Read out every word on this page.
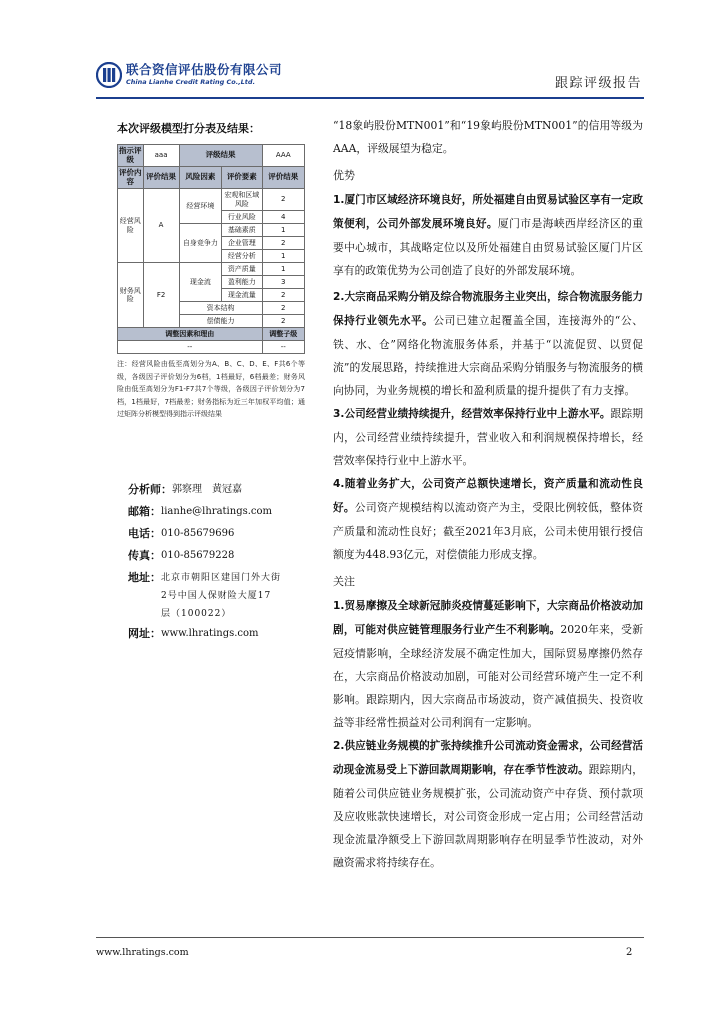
联合资信评估股份有限公司
China Lianhe Credit Rating Co.,Ltd.	跟踪评级报告
本次评级模型打分表及结果：
指示评级	aaa	评级结果		AAA
评价内容	评价结果	风险因素	评价要素	评价结果
经营风险	A	经营环境	宏观和区域风险	2
			行业风险	4
		自身竞争力	基础素质	1
			企业管理	2
			经营分析	1
财务风险	F2	现金流	资产质量	1
			盈利能力	3
			现金流量	2
		资本结构		2
		偿债能力		2
调整因素和理由				调整子级
--				--
注：经营风险由低至高划分为A、B、C、D、E、F共6个等级，各级因子评价划分为6档，1档最好，6档最差；财务风险由低至高划分为F1-F7共7个等级，各级因子评价划分为7档，1档最好，7档最差；财务指标为近三年加权平均值；通过矩阵分析模型得到指示评级结果
分析师： 郭察理　黄冠嘉
邮箱： lianhe@lhratings.com
电话： 010-85679696
传真： 010-85679228
地址： 北京市朝阳区建国门外大街2号中国人保财险大厦17层（100022）
网址： www.lhratings.com

“18象屿股份MTN001”和“19象屿股份MTN001”的信用等级为AAA，评级展望为稳定。

优势

1.厦门市区域经济环境良好，所处福建自由贸易试验区享有一定政策便利，公司外部发展环境良好。厦门市是海峡西岸经济区的重要中心城市，其战略定位以及所处福建自由贸易试验区厦门片区享有的政策优势为公司创造了良好的外部发展环境。

2.大宗商品采购分销及综合物流服务主业突出，综合物流服务能力保持行业领先水平。公司已建立起覆盖全国，连接海外的“公、铁、水、仓”网络化物流服务体系，并基于“以流促贸、以贸促流”的发展思路，持续推进大宗商品采购分销服务与物流服务的横向协同，为业务规模的增长和盈利质量的提升提供了有力支撑。

3.公司经营业绩持续提升，经营效率保持行业中上游水平。跟踪期内，公司经营业绩持续提升，营业收入和利润规模保持增长，经营效率保持行业中上游水平。

4.随着业务扩大，公司资产总额快速增长，资产质量和流动性良好。公司资产规模结构以流动资产为主，受限比例较低，整体资产质量和流动性良好；截至2021年3月底，公司未使用银行授信额度为448.93亿元，对偿债能力形成支撑。

关注

1.贸易摩擦及全球新冠肺炎疫情蔓延影响下，大宗商品价格波动加剧，可能对供应链管理服务行业产生不利影响。2020年来，受新冠疫情影响，全球经济发展不确定性加大，国际贸易摩擦仍然存在，大宗商品价格波动加剧，可能对公司经营环境产生一定不利影响。跟踪期内，因大宗商品市场波动，资产减值损失、投资收益等非经常性损益对公司利润有一定影响。

2.供应链业务规模的扩张持续推升公司流动资金需求，公司经营活动现金流易受上下游回款周期影响，存在季节性波动。跟踪期内，随着公司供应链业务规模扩张，公司流动资产中存货、预付款项及应收账款快速增长，对公司资金形成一定占用；公司经营活动现金流量净额受上下游回款周期影响存在明显季节性波动，对外融资需求将持续存在。

www.lhratings.com	2
